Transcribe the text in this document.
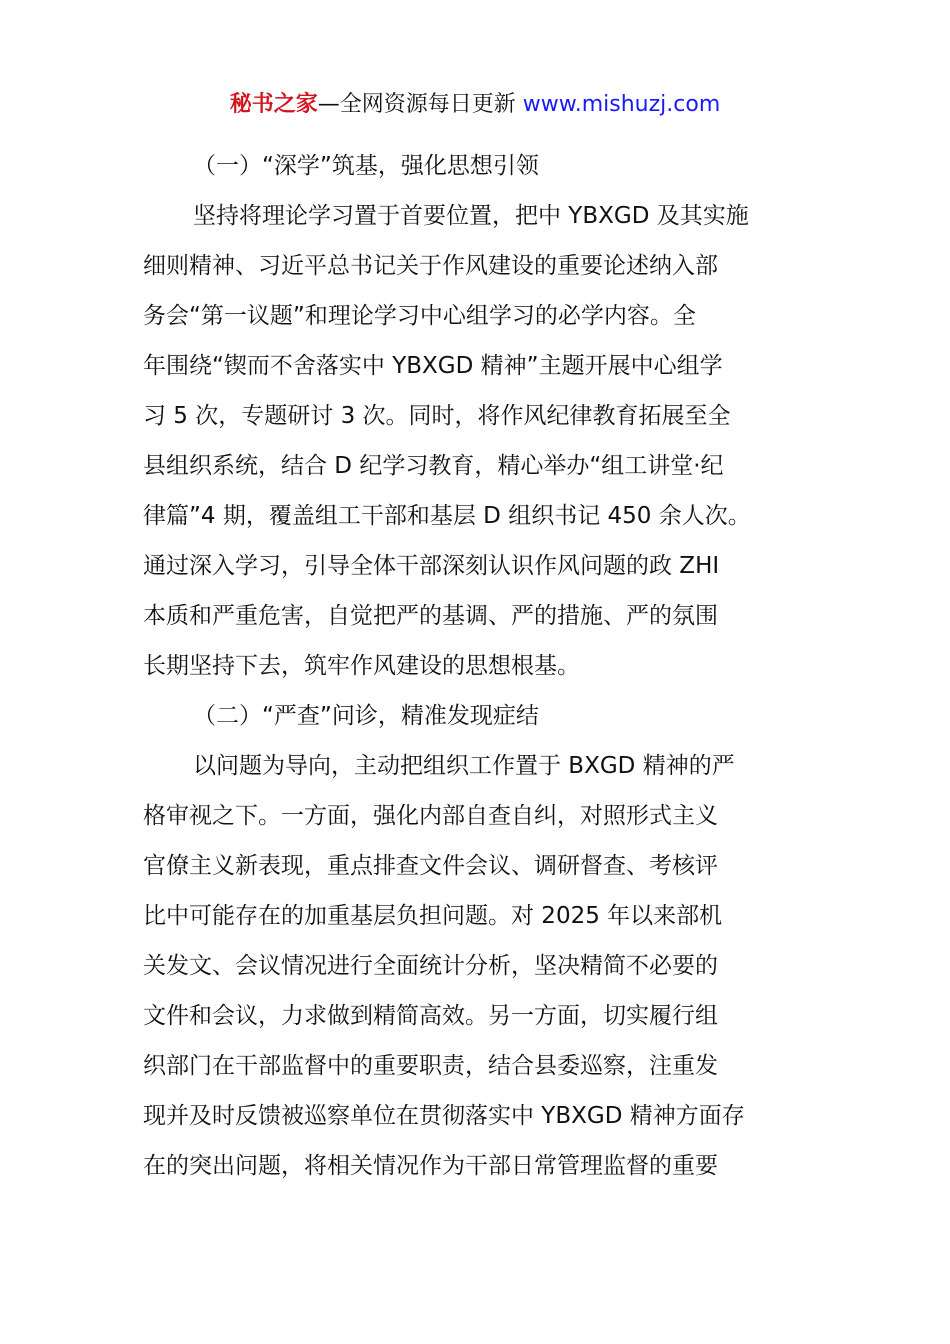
秘书之家—全网资源每日更新 www.mishuzj.com
（一）“深学”筑基，强化思想引领
坚持将理论学习置于首要位置，把中 YBXGD 及其实施
细则精神、习近平总书记关于作风建设的重要论述纳入部
务会“第一议题”和理论学习中心组学习的必学内容。全
年围绕“锲而不舍落实中 YBXGD 精神”主题开展中心组学
习 5 次，专题研讨 3 次。同时，将作风纪律教育拓展至全
县组织系统，结合 D 纪学习教育，精心举办“组工讲堂·纪
律篇”4 期，覆盖组工干部和基层 D 组织书记 450 余人次。
通过深入学习，引导全体干部深刻认识作风问题的政 ZHI
本质和严重危害，自觉把严的基调、严的措施、严的氛围
长期坚持下去，筑牢作风建设的思想根基。
（二）“严查”问诊，精准发现症结
以问题为导向，主动把组织工作置于 BXGD 精神的严
格审视之下。一方面，强化内部自查自纠，对照形式主义
官僚主义新表现，重点排查文件会议、调研督查、考核评
比中可能存在的加重基层负担问题。对 2025 年以来部机
关发文、会议情况进行全面统计分析，坚决精简不必要的
文件和会议，力求做到精简高效。另一方面，切实履行组
织部门在干部监督中的重要职责，结合县委巡察，注重发
现并及时反馈被巡察单位在贯彻落实中 YBXGD 精神方面存
在的突出问题，将相关情况作为干部日常管理监督的重要
